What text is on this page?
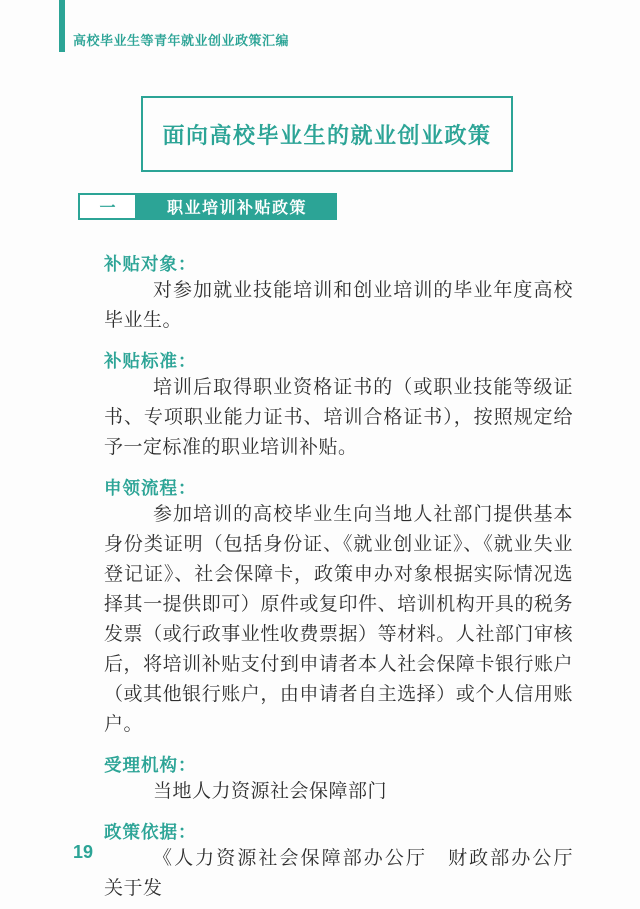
高校毕业生等青年就业创业政策汇编
面向高校毕业生的就业创业政策
一	职业培训补贴政策
补贴对象：

对参加就业技能培训和创业培训的毕业年度高校毕业生。

补贴标准：

培训后取得职业资格证书的（或职业技能等级证书、专项职业能力证书、培训合格证书），按照规定给予一定标准的职业培训补贴。

申领流程：

参加培训的高校毕业生向当地人社部门提供基本身份类证明（包括身份证、《就业创业证》、《就业失业登记证》、社会保障卡，政策申办对象根据实际情况选择其一提供即可）原件或复印件、培训机构开具的税务发票（或行政事业性收费票据）等材料。人社部门审核后，将培训补贴支付到申请者本人社会保障卡银行账户（或其他银行账户，由申请者自主选择）或个人信用账户。

受理机构：

当地人力资源社会保障部门

政策依据：

《人力资源社会保障部办公厅　财政部办公厅　关于发

19
